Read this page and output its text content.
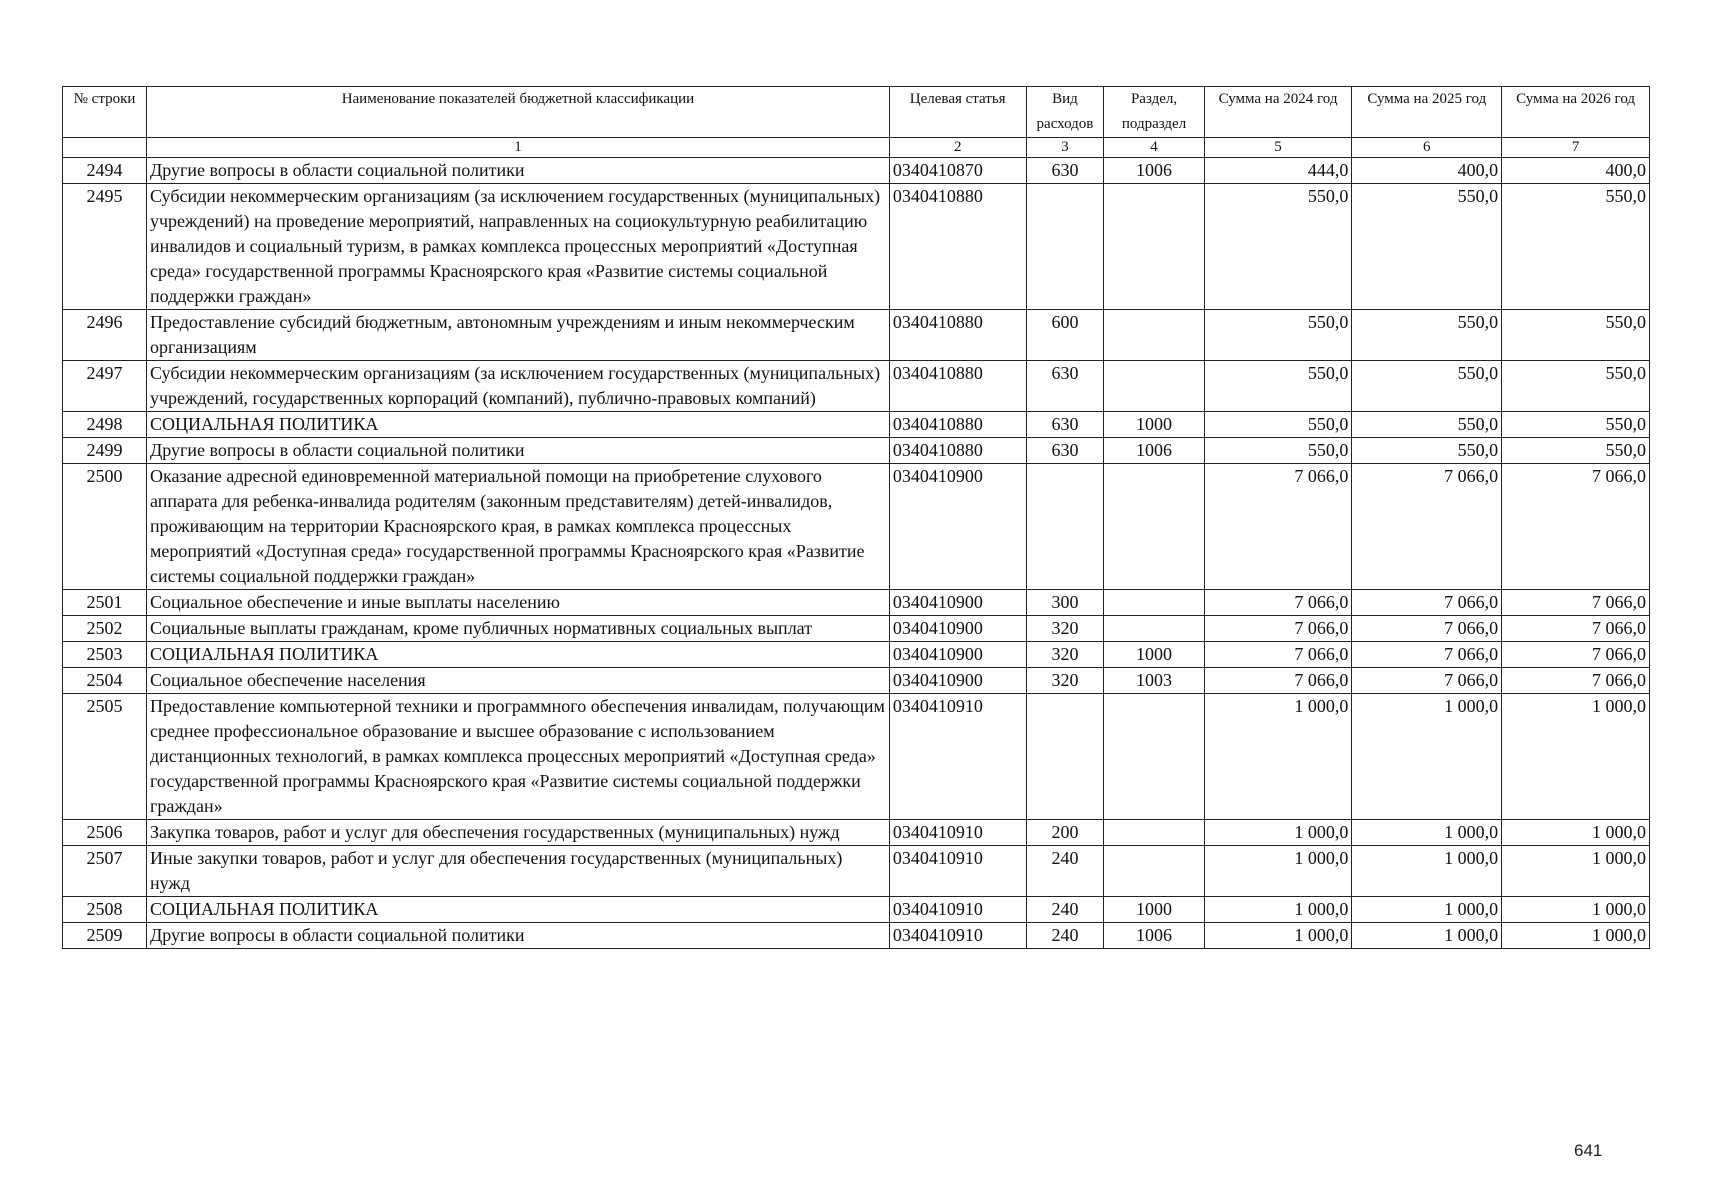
№ строки	Наименование показателей бюджетной классификации	Целевая статья	Вид расходов	Раздел, подраздел	Сумма на 2024 год	Сумма на 2025 год	Сумма на 2026 год
	1	2	3	4	5	6	7
2494	Другие вопросы в области социальной политики	0340410870	630	1006	444,0	400,0	400,0
2495	Субсидии некоммерческим организациям (за исключением государственных (муниципальных) учреждений) на проведение мероприятий, направленных на социокультурную реабилитацию инвалидов и социальный туризм, в рамках комплекса процессных мероприятий «Доступная среда» государственной программы Красноярского края «Развитие системы социальной поддержки граждан»	0340410880			550,0	550,0	550,0
2496	Предоставление субсидий бюджетным, автономным учреждениям и иным некоммерческим организациям	0340410880	600		550,0	550,0	550,0
2497	Субсидии некоммерческим организациям (за исключением государственных (муниципальных) учреждений, государственных корпораций (компаний), публично-правовых компаний)	0340410880	630		550,0	550,0	550,0
2498	СОЦИАЛЬНАЯ ПОЛИТИКА	0340410880	630	1000	550,0	550,0	550,0
2499	Другие вопросы в области социальной политики	0340410880	630	1006	550,0	550,0	550,0
2500	Оказание адресной единовременной материальной помощи на приобретение слухового аппарата для ребенка-инвалида родителям (законным представителям) детей-инвалидов, проживающим на территории Красноярского края, в рамках комплекса процессных мероприятий «Доступная среда» государственной программы Красноярского края «Развитие системы социальной поддержки граждан»	0340410900			7 066,0	7 066,0	7 066,0
2501	Социальное обеспечение и иные выплаты населению	0340410900	300		7 066,0	7 066,0	7 066,0
2502	Социальные выплаты гражданам, кроме публичных нормативных социальных выплат	0340410900	320		7 066,0	7 066,0	7 066,0
2503	СОЦИАЛЬНАЯ ПОЛИТИКА	0340410900	320	1000	7 066,0	7 066,0	7 066,0
2504	Социальное обеспечение населения	0340410900	320	1003	7 066,0	7 066,0	7 066,0
2505	Предоставление компьютерной техники и программного обеспечения инвалидам, получающим среднее профессиональное образование и высшее образование с использованием дистанционных технологий, в рамках комплекса процессных мероприятий «Доступная среда» государственной программы Красноярского края «Развитие системы социальной поддержки граждан»	0340410910			1 000,0	1 000,0	1 000,0
2506	Закупка товаров, работ и услуг для обеспечения государственных (муниципальных) нужд	0340410910	200		1 000,0	1 000,0	1 000,0
2507	Иные закупки товаров, работ и услуг для обеспечения государственных (муниципальных) нужд	0340410910	240		1 000,0	1 000,0	1 000,0
2508	СОЦИАЛЬНАЯ ПОЛИТИКА	0340410910	240	1000	1 000,0	1 000,0	1 000,0
2509	Другие вопросы в области социальной политики	0340410910	240	1006	1 000,0	1 000,0	1 000,0
641
